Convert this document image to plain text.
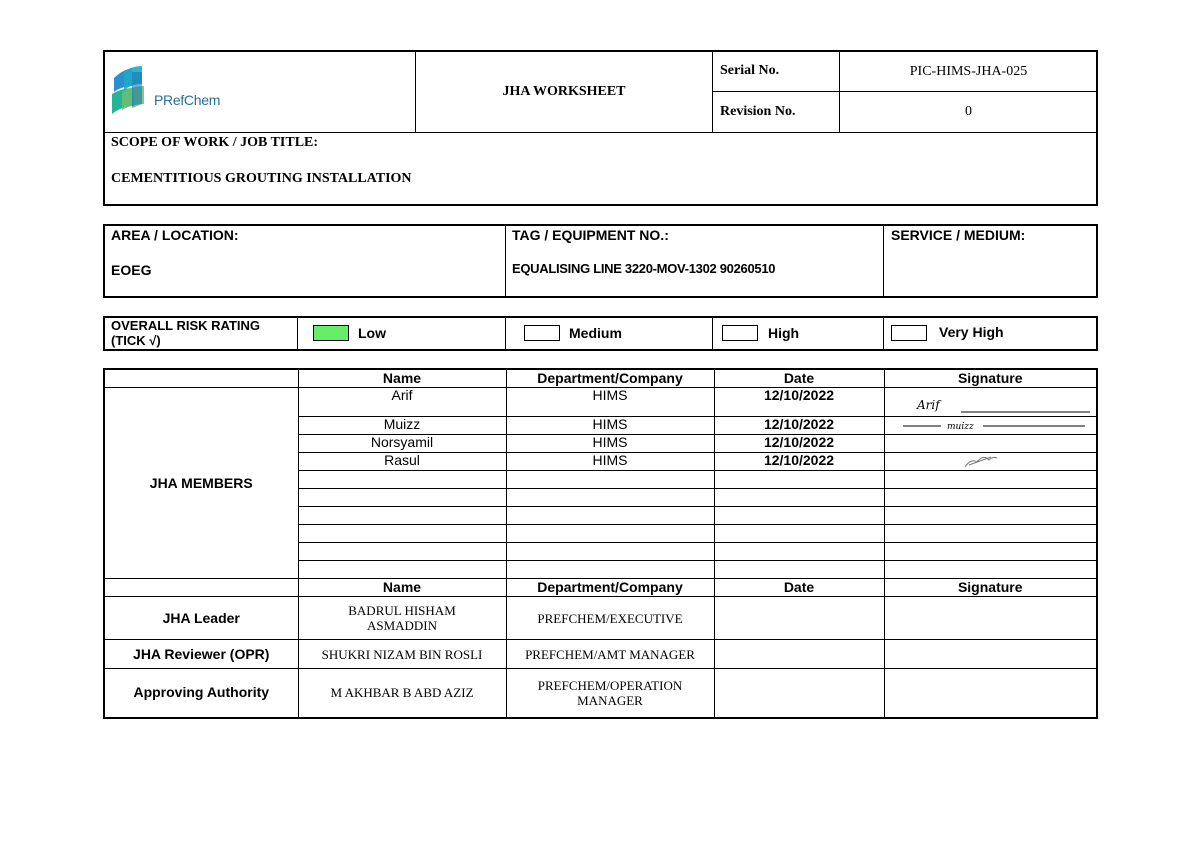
PRefChem
JHA WORKSHEET
Serial No.	PIC-HIMS-JHA-025
Revision No.	0
SCOPE OF WORK / JOB TITLE:
CEMENTITIOUS GROUTING INSTALLATION
AREA / LOCATION:
EOEG
TAG / EQUIPMENT NO.:
EQUALISING LINE 3220-MOV-1302 90260510
SERVICE / MEDIUM:
OVERALL RISK RATING (TICK √)	Low	Medium	High	Very High
	Name	Department/Company	Date	Signature
JHA MEMBERS	Arif	HIMS	12/10/2022	Arif

	Muizz	HIMS	12/10/2022	muizz

	Norsyamil	HIMS	12/10/2022	
	Rasul	HIMS	12/10/2022	

	Name	Department/Company	Date	Signature
JHA Leader	BADRUL HISHAM ASMADDIN	PREFCHEM/EXECUTIVE		
JHA Reviewer (OPR)	SHUKRI NIZAM BIN ROSLI	PREFCHEM/AMT MANAGER		
Approving Authority	M AKHBAR B ABD AZIZ	PREFCHEM/OPERATION MANAGER		
